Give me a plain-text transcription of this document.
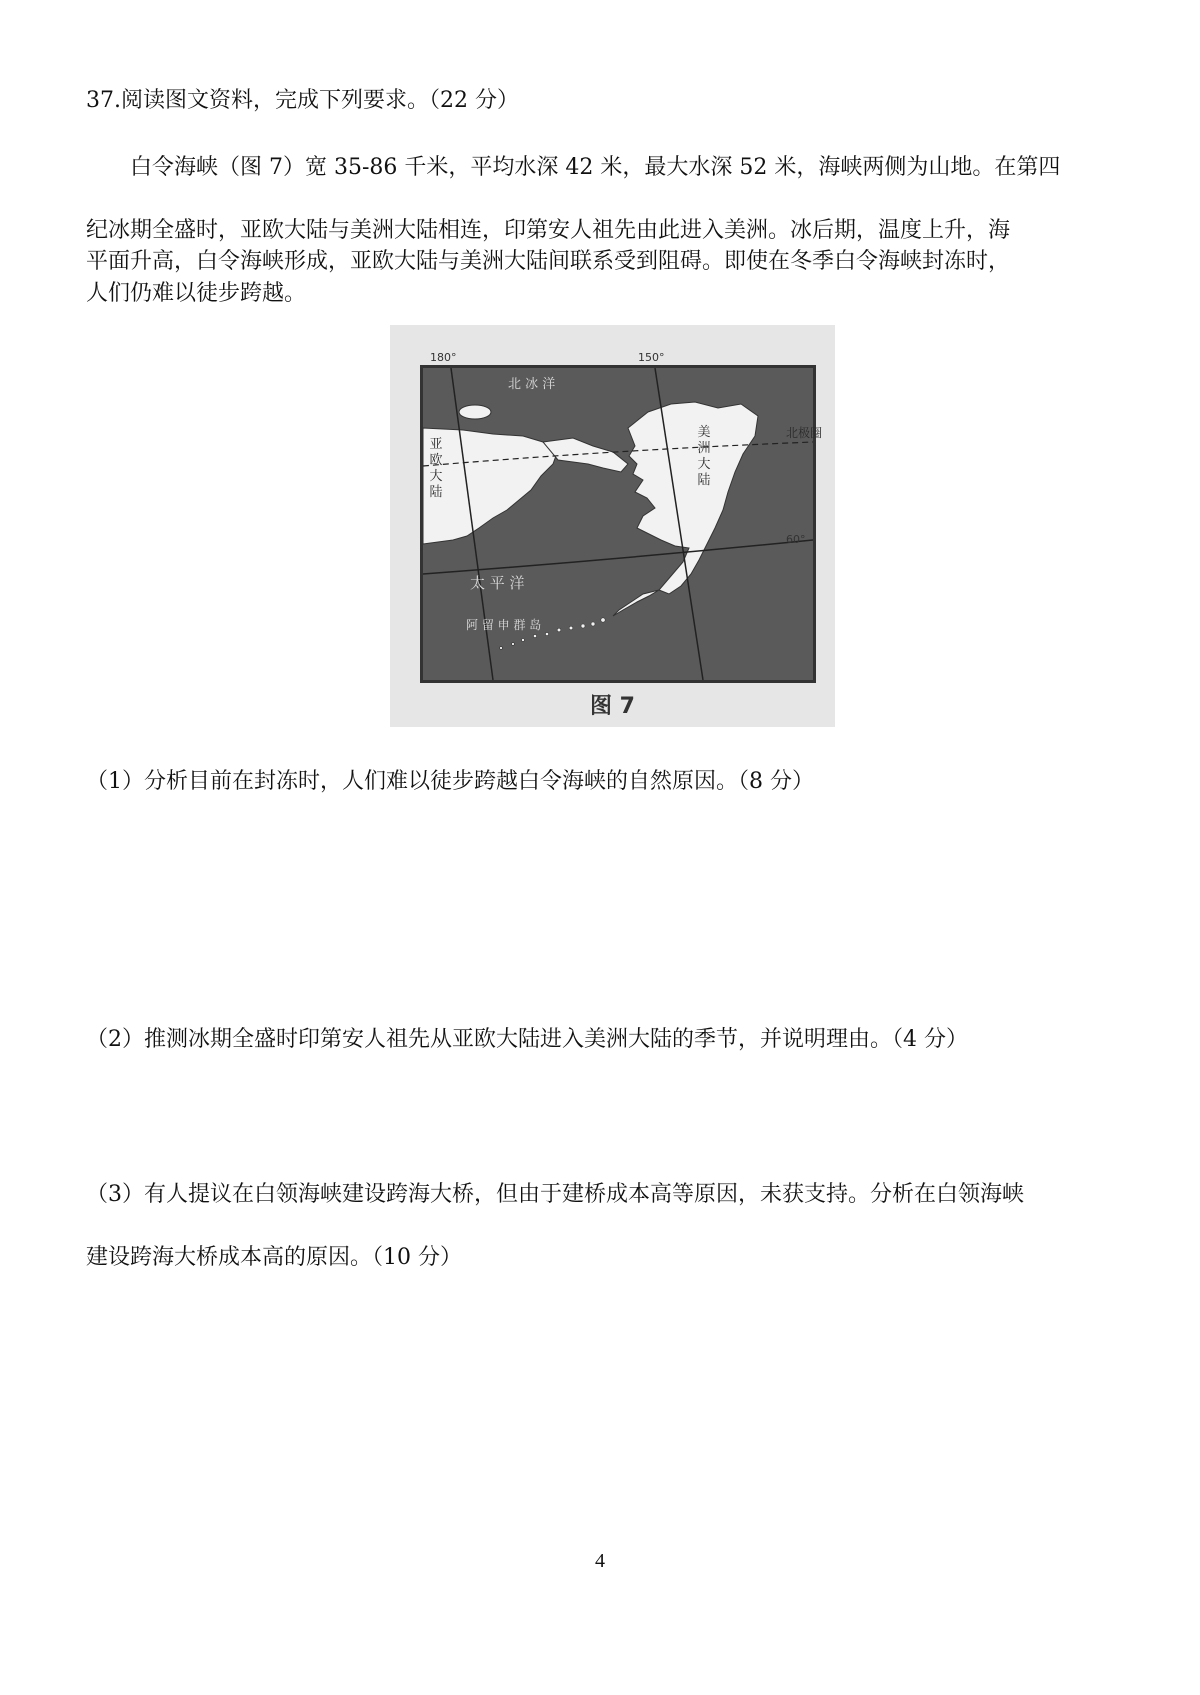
37.阅读图文资料，完成下列要求。（22 分）
白令海峡（图 7）宽 35-86 千米，平均水深 42 米，最大水深 52 米，海峡两侧为山地。在第四
纪冰期全盛时，亚欧大陆与美洲大陆相连，印第安人祖先由此进入美洲。冰后期，温度上升，海
平面升高，白令海峡形成，亚欧大陆与美洲大陆间联系受到阻碍。即使在冬季白令海峡封冻时，
人们仍难以徒步跨越。
180°	150°
60°
北极圈
北 冰 洋
亚欧大陆
美洲大陆
太 平 洋
阿 留 申 群 岛
图 7
（1）分析目前在封冻时，人们难以徒步跨越白令海峡的自然原因。（8 分）
（2）推测冰期全盛时印第安人祖先从亚欧大陆进入美洲大陆的季节，并说明理由。（4 分）
（3）有人提议在白领海峡建设跨海大桥，但由于建桥成本高等原因，未获支持。分析在白领海峡
建设跨海大桥成本高的原因。（10 分）
4
